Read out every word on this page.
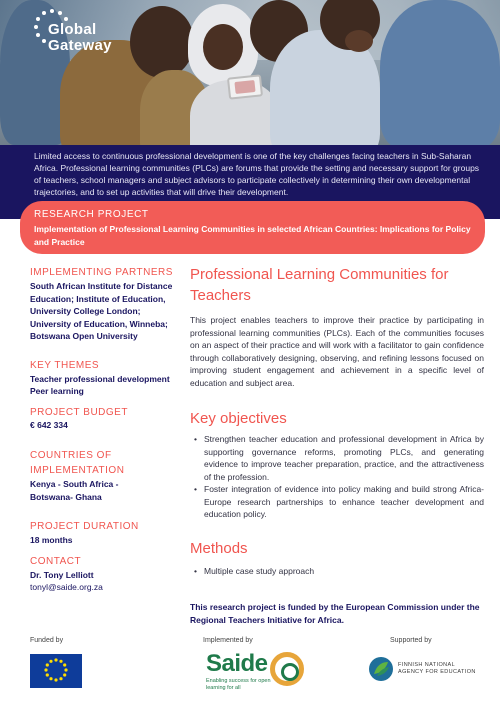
Global
Gateway

Limited access to continuous professional development is one of the key challenges facing teachers in Sub-Saharan Africa. Professional learning communities (PLCs) are forums that provide the setting and necessary support for groups of teachers, school managers and subject advisors to participate collectively in determining their own developmental trajectories, and to set up activities that will drive their development.

RESEARCH PROJECT
Implementation of Professional Learning Communities in selected African Countries: Implications for Policy and Practice
IMPLEMENTING PARTNERS
South African Institute for Distance Education; Institute of Education, University College London; University of Education, Winneba; Botswana Open University
KEY THEMES
Teacher professional development
Peer learning
PROJECT BUDGET
€ 642 334
COUNTRIES OF IMPLEMENTATION
Kenya - South Africa - Botswana- Ghana
PROJECT DURATION
18 months
CONTACT
Dr. Tony Lelliott
tonyl@saide.org.za
Professional Learning Communities for Teachers

This project enables teachers to improve their practice by participating in professional learning communities (PLCs). Each of the communities focuses on an aspect of their practice and will work with a facilitator to gain confidence through collaboratively designing, observing, and refining lessons focused on improving student engagement and achievement in a specific level of education and subject area.

Key objectives
• Strengthen teacher education and professional development in Africa by supporting governance reforms, promoting PLCs, and generating evidence to improve teacher preparation, practice, and the attractiveness of the profession.
• Foster integration of evidence into policy making and build strong Africa-Europe research partnerships to enhance teacher development and education policy.
Methods
• Multiple case study approach
This research project is funded by the European Commission under the Regional Teachers Initiative for Africa.
Funded by	Implemented by	Supported by
Saide
Enabling success for open learning for all
FINNISH NATIONAL AGENCY FOR EDUCATION
